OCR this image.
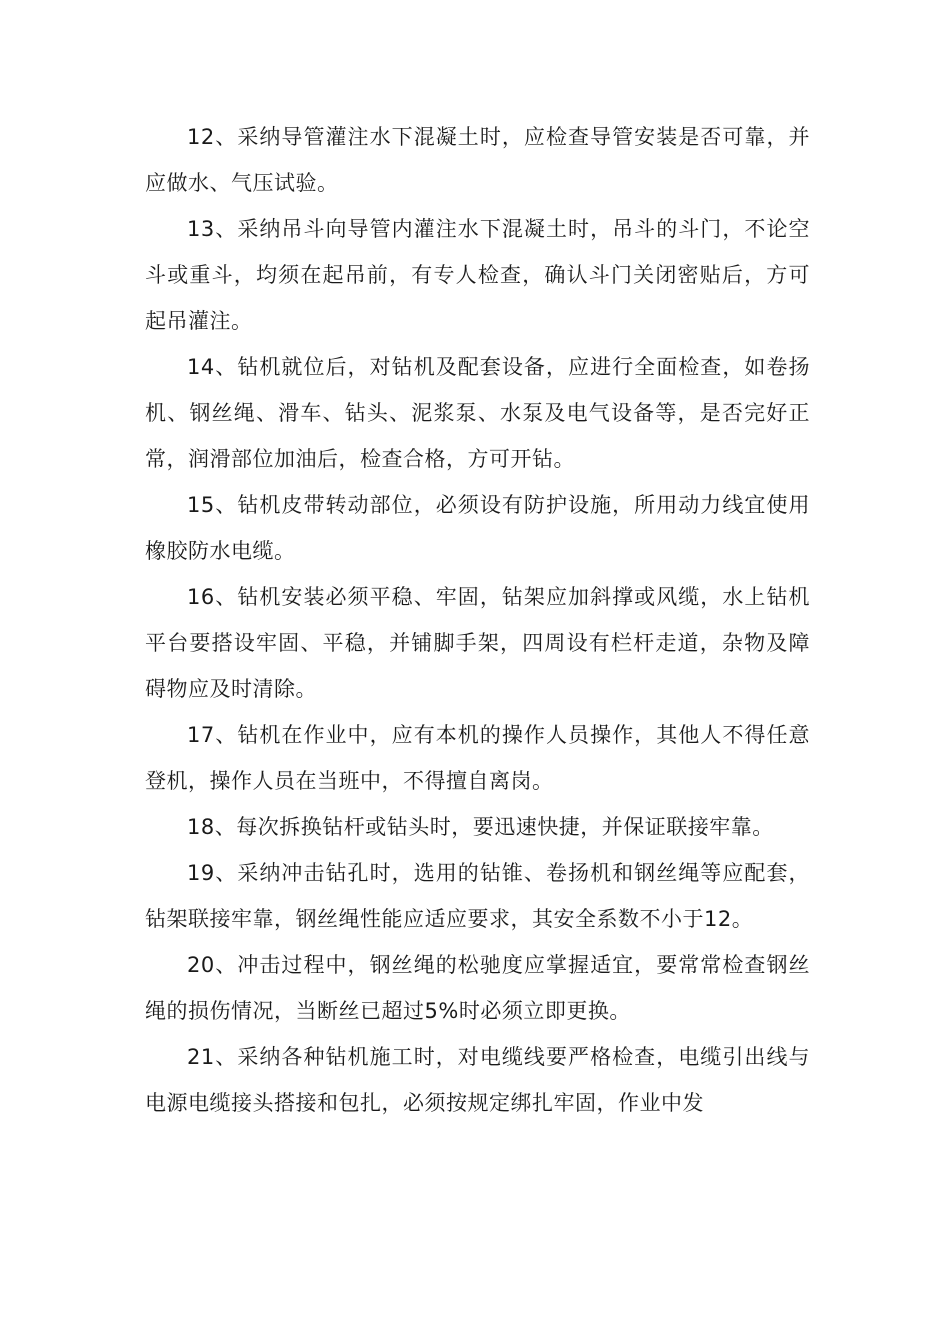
12、采纳导管灌注水下混凝土时，应检查导管安装是否可靠，并应做水、气压试验。

13、采纳吊斗向导管内灌注水下混凝土时，吊斗的斗门，不论空斗或重斗，均须在起吊前，有专人检查，确认斗门关闭密贴后，方可起吊灌注。

14、钻机就位后，对钻机及配套设备，应进行全面检查，如卷扬机、钢丝绳、滑车、钻头、泥浆泵、水泵及电气设备等，是否完好正常，润滑部位加油后，检查合格，方可开钻。

15、钻机皮带转动部位，必须设有防护设施，所用动力线宜使用橡胶防水电缆。

16、钻机安装必须平稳、牢固，钻架应加斜撑或风缆，水上钻机平台要搭设牢固、平稳，并铺脚手架，四周设有栏杆走道，杂物及障碍物应及时清除。

17、钻机在作业中，应有本机的操作人员操作，其他人不得任意登机，操作人员在当班中，不得擅自离岗。

18、每次拆换钻杆或钻头时，要迅速快捷，并保证联接牢靠。

19、采纳冲击钻孔时，选用的钻锥、卷扬机和钢丝绳等应配套，钻架联接牢靠，钢丝绳性能应适应要求，其安全系数不小于12。

20、冲击过程中，钢丝绳的松驰度应掌握适宜，要常常检查钢丝绳的损伤情况，当断丝已超过5%时必须立即更换。

21、采纳各种钻机施工时，对电缆线要严格检查，电缆引出线与电源电缆接头搭接和包扎，必须按规定绑扎牢固，作业中发
